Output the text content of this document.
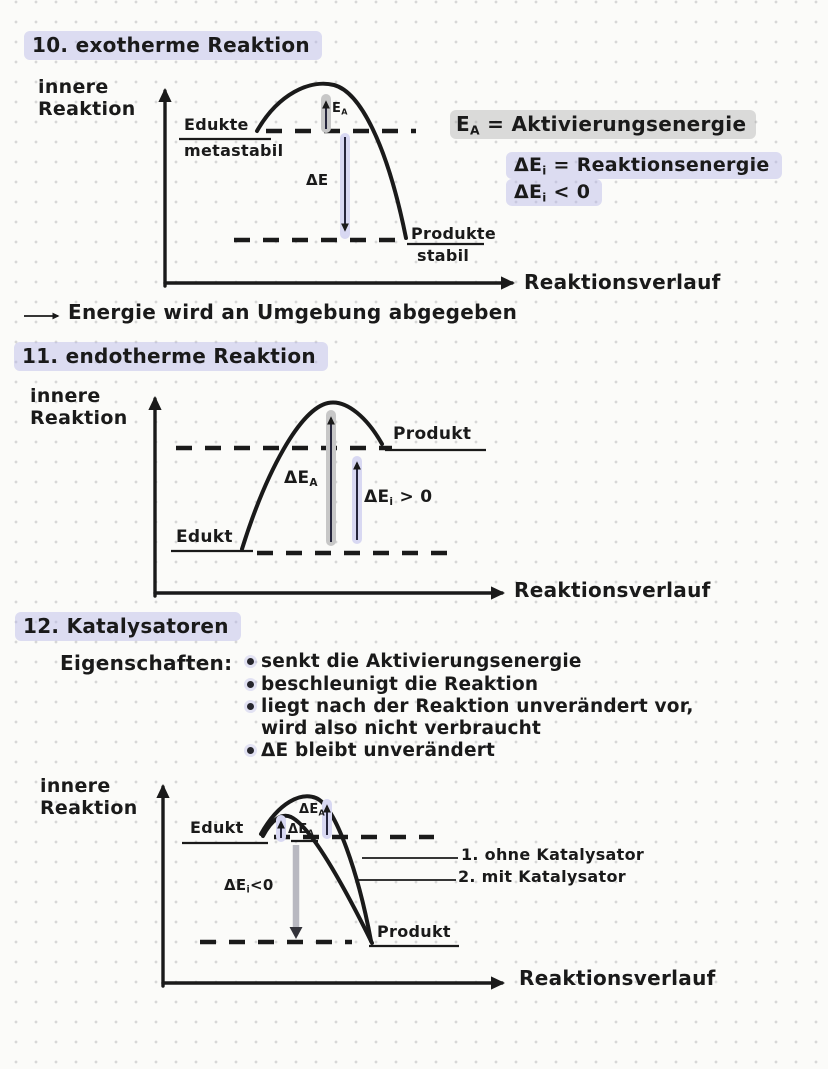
10. exotherme Reaktion
innere
Reaktion
Edukte
metastabil
$E_A$
ΔE
Produkte
stabil
$E_A$ = Aktivierungsenergie
$\Delta E_i$ = Reaktionsenergie
$\Delta E_i < 0$
Reaktionsverlauf
Energie wird an Umgebung abgegeben
11. endotherme Reaktion
innere
Reaktion
Edukt
Produkt
$\Delta E_A$
$\Delta E_i > 0$
Reaktionsverlauf
12. Katalysatoren
Eigenschaften: senkt die Aktivierungsenergie
beschleunigt die Reaktion
liegt nach der Reaktion unverändert vor, wird also nicht verbraucht
ΔE bleibt unverändert
innere
Reaktion
Edukt
$\Delta E_A$
$\Delta E_A$
$\Delta E_i<0$
1. ohne Katalysator
2. mit Katalysator
Produkt
Reaktionsverlauf
